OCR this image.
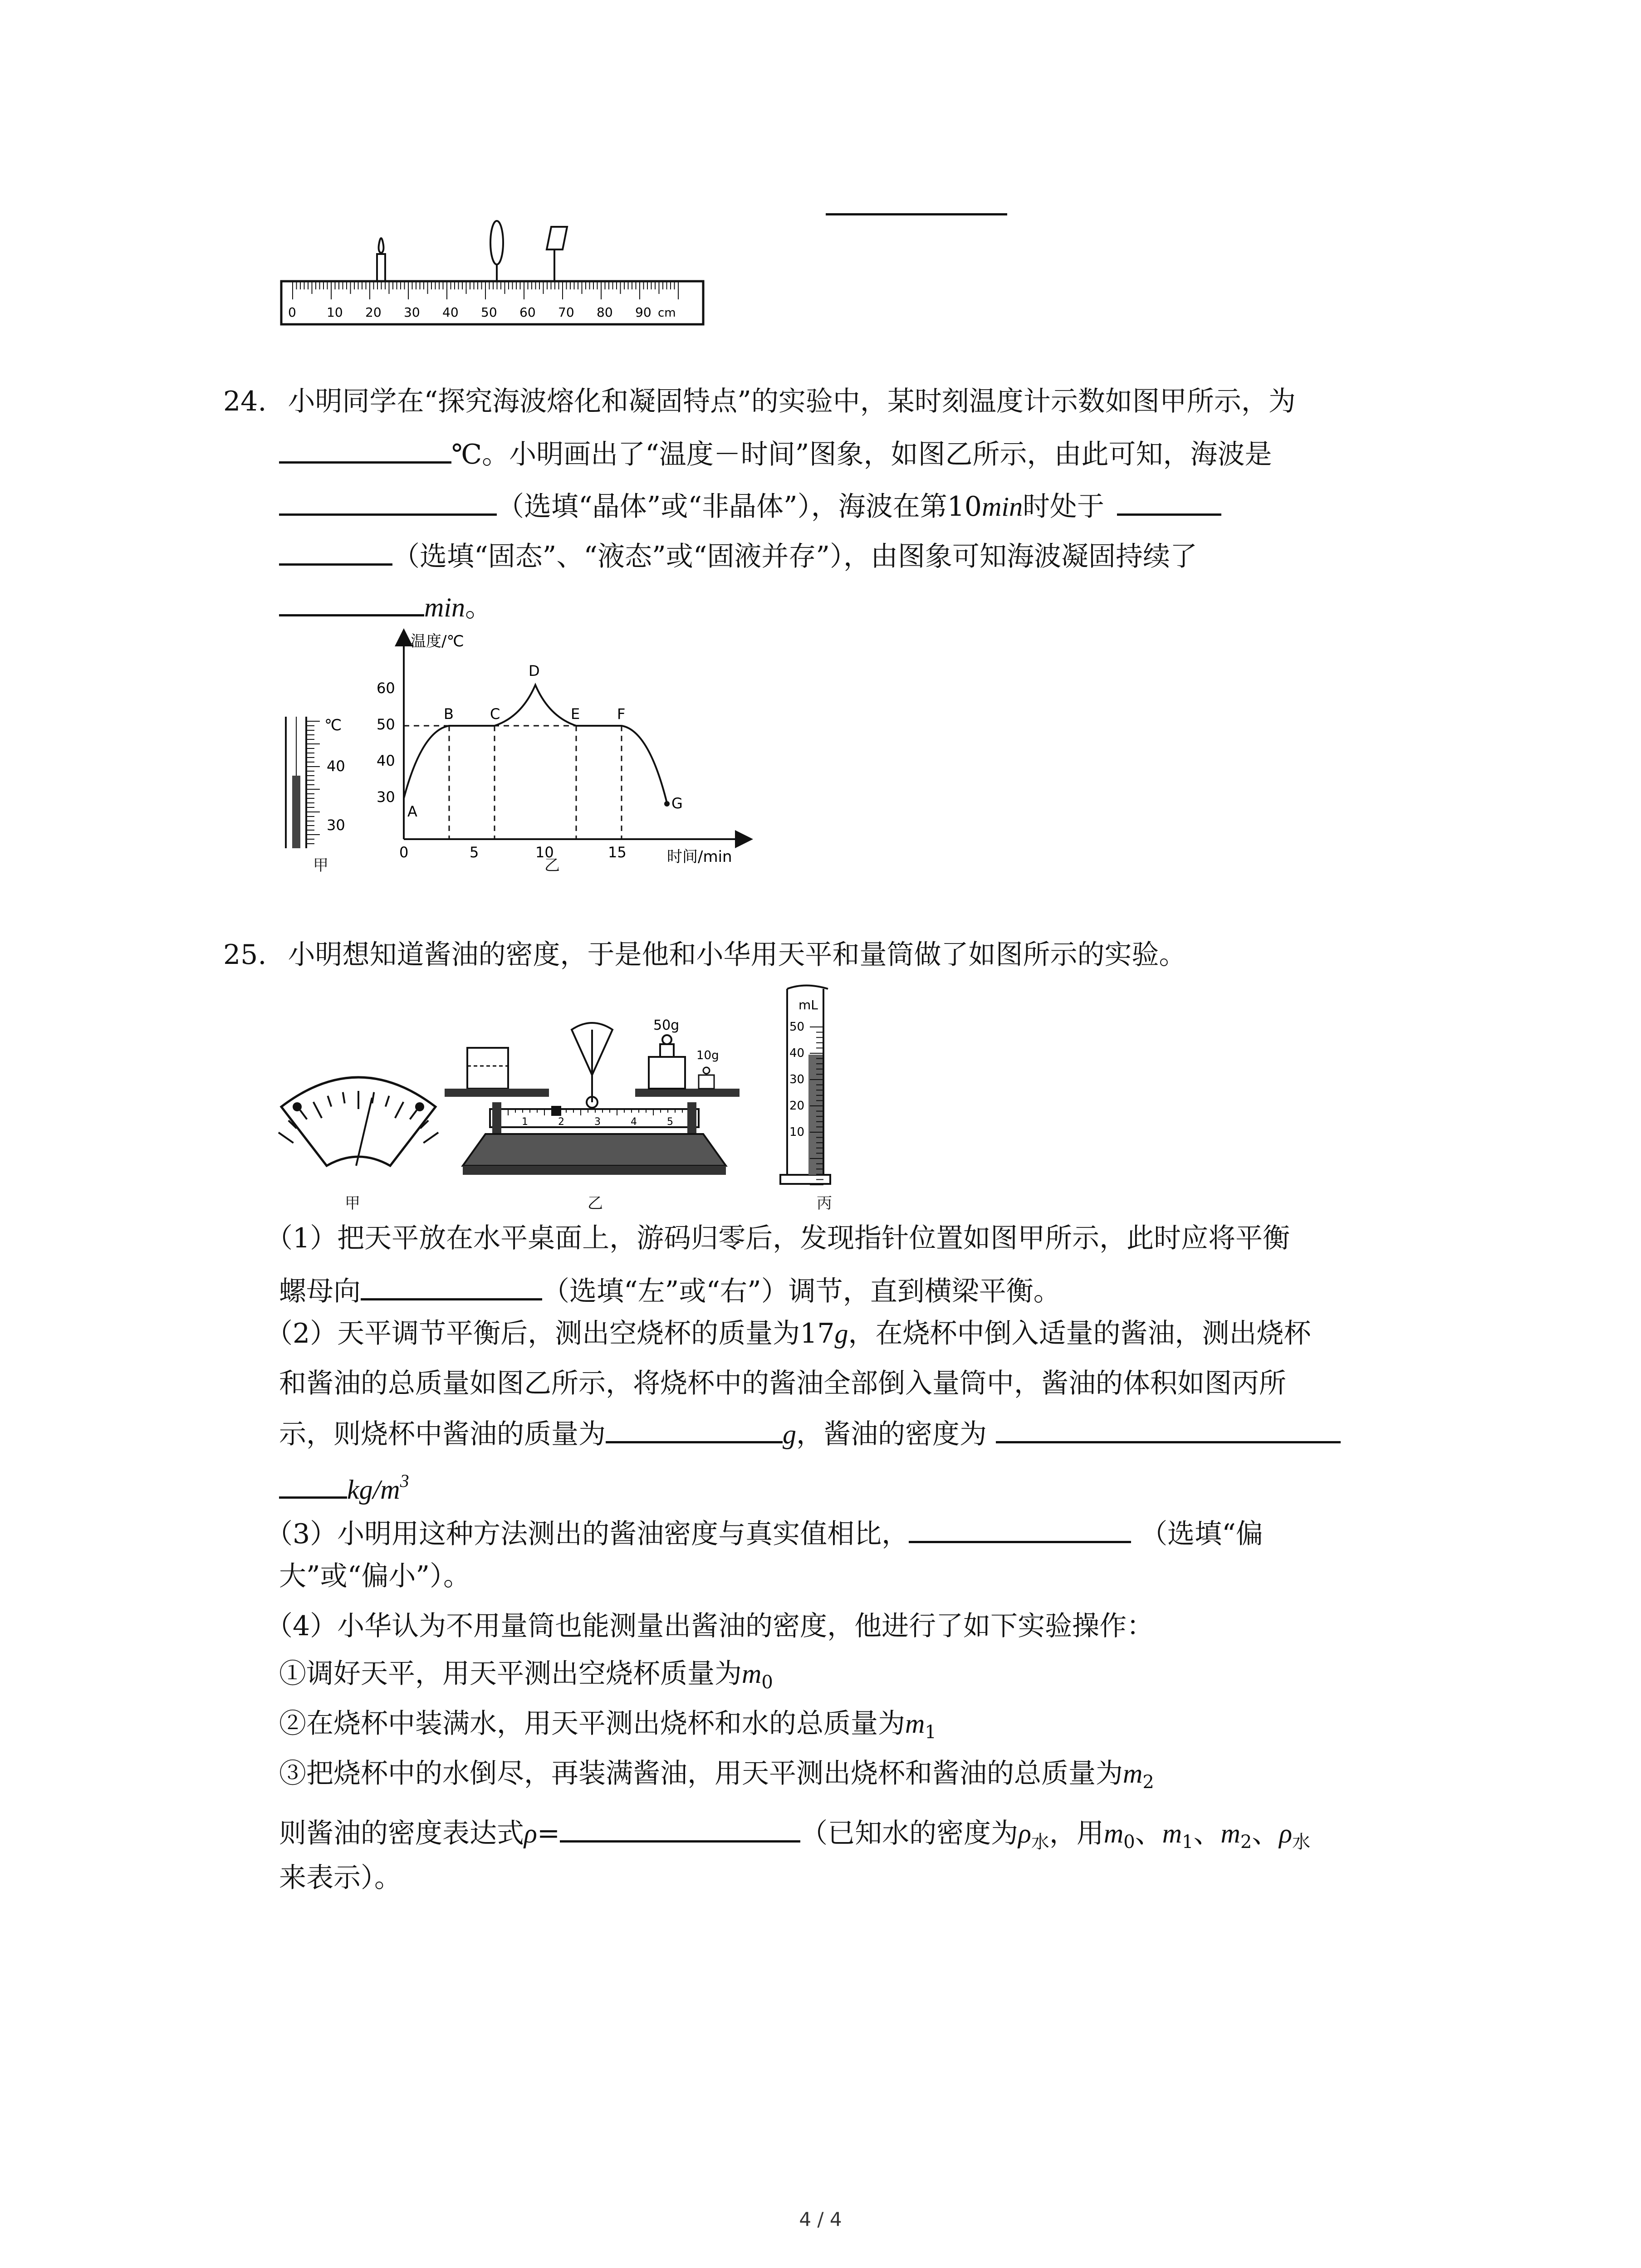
0 10 20 30 40 50 60 70 80 90 cm
24. 小明同学在“探究海波熔化和凝固特点”的实验中，某时刻温度计示数如图甲所示，为
℃。小明画出了“温度－时间”图象，如图乙所示，由此可知，海波是
（选填“晶体”或“非晶体”），海波在第10min时处于
（选填“固态”、“液态”或“固液并存”），由图象可知海波凝固持续了
min。
℃
40
30
甲
温度/℃
时间/min
60
50
40
30
0	5	10	15
A
B	C
D
E	F
G
乙
25. 小明想知道酱油的密度，于是他和小华用天平和量筒做了如图所示的实验。
甲
50g
10g
1	2	3	4	5
乙
mL
50
40
30
20
10
丙
（1）把天平放在水平桌面上，游码归零后，发现指针位置如图甲所示，此时应将平衡
螺母向	（选填“左”或“右”）调节，直到横梁平衡。
（2）天平调节平衡后，测出空烧杯的质量为17g，在烧杯中倒入适量的酱油，测出烧杯
和酱油的总质量如图乙所示，将烧杯中的酱油全部倒入量筒中，酱油的体积如图丙所
示，则烧杯中酱油的质量为	g，酱油的密度为
$kg/m^3$
（3）小明用这种方法测出的酱油密度与真实值相比，	（选填“偏
大”或“偏小”）。
（4）小华认为不用量筒也能测量出酱油的密度，他进行了如下实验操作：
①调好天平，用天平测出空烧杯质量为$m_0$
②在烧杯中装满水，用天平测出烧杯和水的总质量为$m_1$
③把烧杯中的水倒尽，再装满酱油，用天平测出烧杯和酱油的总质量为$m_2$
则酱油的密度表达式ρ=	（已知水的密度为$\rho_水$，用$m_0$、$m_1$、$m_2$、$\rho_水$
来表示）。
4 / 4
